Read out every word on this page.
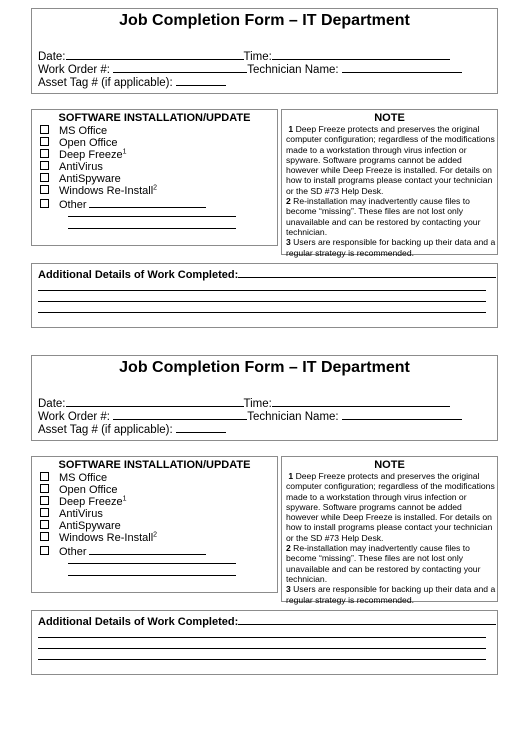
Job Completion Form – IT Department
Date:	Time:
Work Order #:	Technician Name:
Asset Tag # (if applicable):
SOFTWARE INSTALLATION/UPDATE
MS Office
Open Office
Deep Freeze$^1$
AntiVirus
AntiSpyware
Windows Re-Install$^2$
Other
NOTE
1 Deep Freeze protects and preserves the original computer configuration; regardless of the modifications made to a workstation through virus infection or spyware. Software programs cannot be added however while Deep Freeze is installed. For details on how to install programs please contact your technician or the SD #73 Help Desk.
2 Re-installation may inadvertently cause files to become “missing”. These files are not lost only unavailable and can be restored by contacting your technician.
3 Users are responsible for backing up their data and a regular strategy is recommended.
Additional Details of Work Completed:
Job Completion Form – IT Department
Date:	Time:
Work Order #:	Technician Name:
Asset Tag # (if applicable):
SOFTWARE INSTALLATION/UPDATE
MS Office
Open Office
Deep Freeze$^1$
AntiVirus
AntiSpyware
Windows Re-Install$^2$
Other
NOTE
1 Deep Freeze protects and preserves the original computer configuration; regardless of the modifications made to a workstation through virus infection or spyware. Software programs cannot be added however while Deep Freeze is installed. For details on how to install programs please contact your technician or the SD #73 Help Desk.
2 Re-installation may inadvertently cause files to become “missing”. These files are not lost only unavailable and can be restored by contacting your technician.
3 Users are responsible for backing up their data and a regular strategy is recommended.
Additional Details of Work Completed:
